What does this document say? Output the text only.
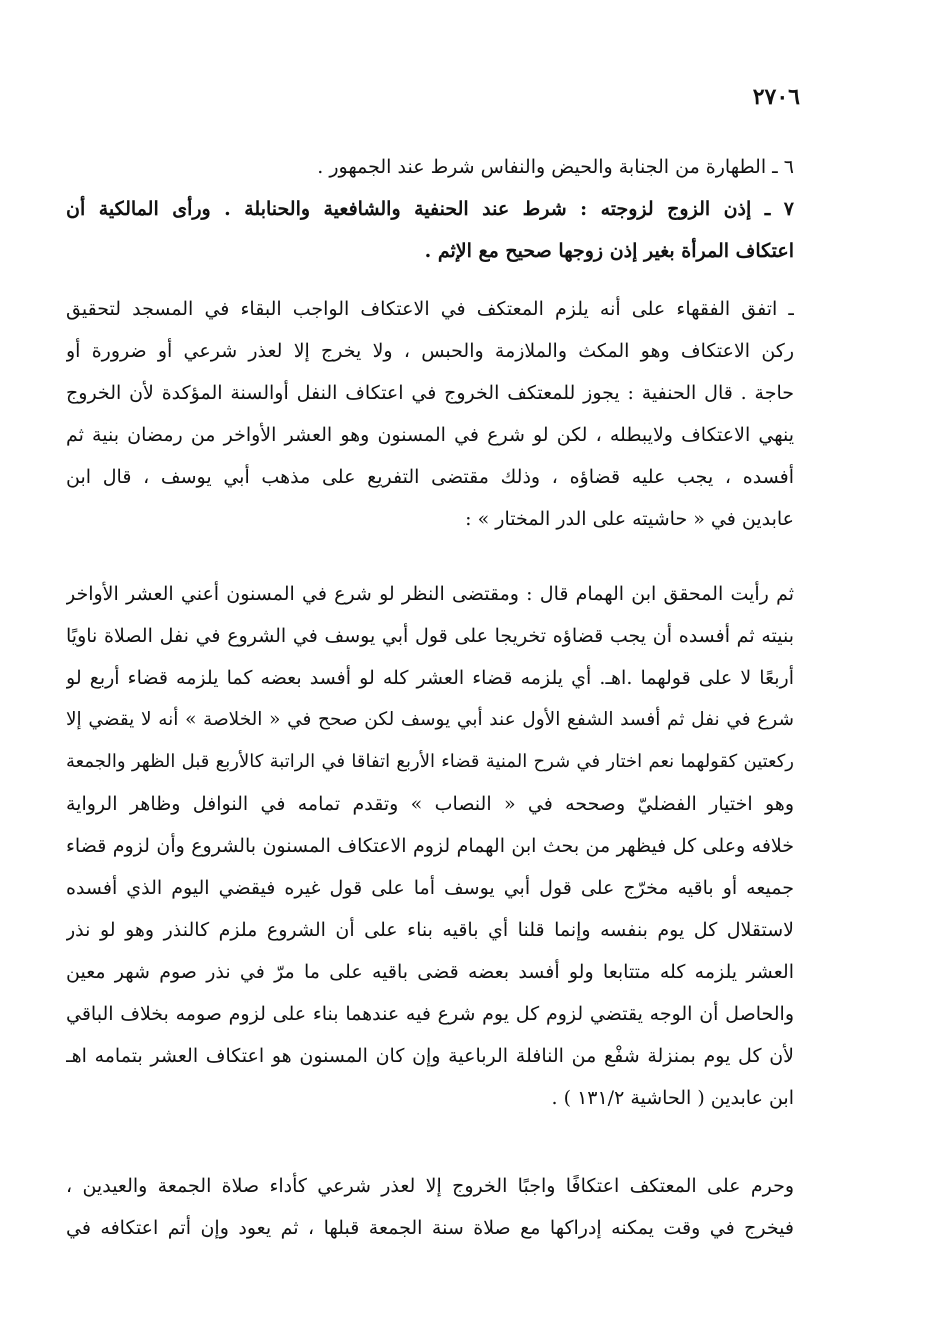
٢٧٠٦
٦ ـ الطهارة من الجنابة والحيض والنفاس شرط عند الجمهور .
٧ ـ إذن الزوج لزوجته : شرط عند الحنفية والشافعية والحنابلة . ورأى المالكية أن
اعتكاف المرأة بغير إذن زوجها صحيح مع الإثم .
ـ اتفق الفقهاء على أنه يلزم المعتكف في الاعتكاف الواجب البقاء في المسجد لتحقيق
ركن الاعتكاف وهو المكث والملازمة والحبس ، ولا يخرج إلا لعذر شرعي أو ضرورة أو
حاجة . قال الحنفية : يجوز للمعتكف الخروج في اعتكاف النفل أوالسنة المؤكدة لأن الخروج
ينهي الاعتكاف ولايبطله ، لكن لو شرع في المسنون وهو العشر الأواخر من رمضان بنية ثم
أفسده ، يجب عليه قضاؤه ، وذلك مقتضى التفريع على مذهب أبي يوسف ، قال ابن
عابدين في « حاشيته على الدر المختار » :
ثم رأيت المحقق ابن الهمام قال : ومقتضى النظر لو شرع في المسنون أعني العشر الأواخر
بنيته ثم أفسده أن يجب قضاؤه تخريجا على قول أبي يوسف في الشروع في نفل الصلاة ناويًا
أربعًا لا على قولهما .اهـ. أي يلزمه قضاء العشر كله لو أفسد بعضه كما يلزمه قضاء أربع لو
شرع في نفل ثم أفسد الشفع الأول عند أبي يوسف لكن صحح في « الخلاصة » أنه لا يقضي إلا
ركعتين كقولهما نعم اختار في شرح المنية قضاء الأربع اتفاقا في الراتبة كالأربع قبل الظهر والجمعة
وهو اختيار الفضليّ وصححه في « النصاب » وتقدم تمامه في النوافل وظاهر الرواية
خلافه وعلى كل فيظهر من بحث ابن الهمام لزوم الاعتكاف المسنون بالشروع وأن لزوم قضاء
جميعه أو باقيه مخرّج على قول أبي يوسف أما على قول غيره فيقضي اليوم الذي أفسده
لاستقلال كل يوم بنفسه وإنما قلنا أي باقيه بناء على أن الشروع ملزم كالنذر وهو لو نذر
العشر يلزمه كله متتابعا ولو أفسد بعضه قضى باقيه على ما مرّ في نذر صوم شهر معين
والحاصل أن الوجه يقتضي لزوم كل يوم شرع فيه عندهما بناء على لزوم صومه بخلاف الباقي
لأن كل يوم بمنزلة شفْع من النافلة الرباعية وإن كان المسنون هو اعتكاف العشر بتمامه اهـ
ابن عابدين ( الحاشية ١٣١/٢ ) .
وحرم على المعتكف اعتكافًا واجبًا الخروج إلا لعذر شرعي كأداء صلاة الجمعة والعيدين ،
فيخرج في وقت يمكنه إدراكها مع صلاة سنة الجمعة قبلها ، ثم يعود وإن أتم اعتكافه في
